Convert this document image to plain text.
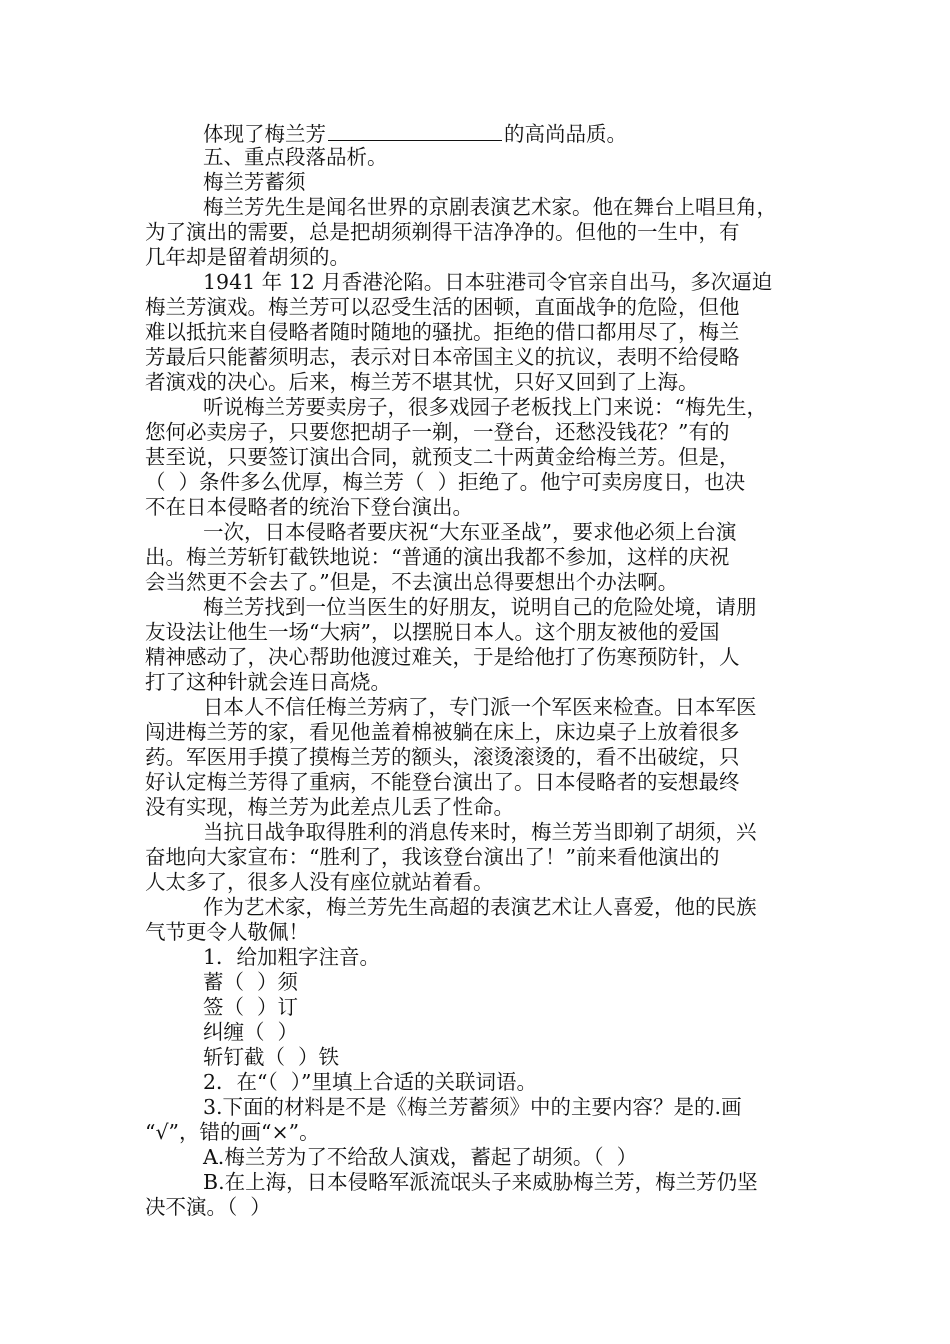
体现了梅兰芳	的高尚品质。
五、重点段落品析。
梅兰芳蓄须
梅兰芳先生是闻名世界的京剧表演艺术家。他在舞台上唱旦角，
为了演出的需要，总是把胡须剃得干洁净净的。但他的一生中，有
几年却是留着胡须的。
1941 年 12 月香港沦陷。日本驻港司令官亲自出马，多次逼迫
梅兰芳演戏。梅兰芳可以忍受生活的困顿，直面战争的危险，但他
难以抵抗来自侵略者随时随地的骚扰。拒绝的借口都用尽了，梅兰
芳最后只能蓄须明志，表示对日本帝国主义的抗议，表明不给侵略
者演戏的决心。后来，梅兰芳不堪其忧，只好又回到了上海。
听说梅兰芳要卖房子，很多戏园子老板找上门来说：“梅先生，
您何必卖房子，只要您把胡子一剃，一登台，还愁没钱花？”有的
甚至说，只要签订演出合同，就预支二十两黄金给梅兰芳。但是，
（  ）条件多么优厚，梅兰芳（  ）拒绝了。他宁可卖房度日，也决
不在日本侵略者的统治下登台演出。
一次，日本侵略者要庆祝“大东亚圣战”，要求他必须上台演
出。梅兰芳斩钉截铁地说：“普通的演出我都不参加，这样的庆祝
会当然更不会去了。”但是，不去演出总得要想出个办法啊。
梅兰芳找到一位当医生的好朋友，说明自己的危险处境，请朋
友设法让他生一场“大病”，以摆脱日本人。这个朋友被他的爱国
精神感动了，决心帮助他渡过难关，于是给他打了伤寒预防针，人
打了这种针就会连日高烧。
日本人不信任梅兰芳病了，专门派一个军医来检查。日本军医
闯进梅兰芳的家，看见他盖着棉被躺在床上，床边桌子上放着很多
药。军医用手摸了摸梅兰芳的额头，滚烫滚烫的，看不出破绽，只
好认定梅兰芳得了重病，不能登台演出了。日本侵略者的妄想最终
没有实现，梅兰芳为此差点儿丢了性命。
当抗日战争取得胜利的消息传来时，梅兰芳当即剃了胡须，兴
奋地向大家宣布：“胜利了，我该登台演出了！”前来看他演出的
人太多了，很多人没有座位就站着看。
作为艺术家，梅兰芳先生高超的表演艺术让人喜爱，他的民族
气节更令人敬佩！
1．给加粗字注音。
蓄（  ）须
签（  ）订
纠缠（  ）
斩钉截（  ）铁
2．在“（  ）”里填上合适的关联词语。
3.下面的材料是不是《梅兰芳蓄须》中的主要内容？是的.画
“√”，错的画“×”。
A.梅兰芳为了不给敌人演戏，蓄起了胡须。（  ）
B.在上海，日本侵略军派流氓头子来威胁梅兰芳，梅兰芳仍坚
决不演。（  ）
